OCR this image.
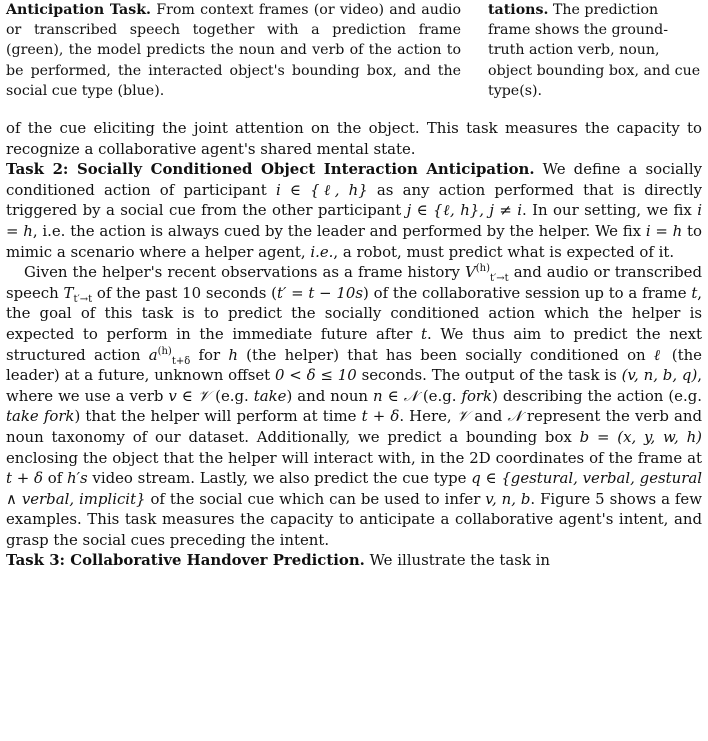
Anticipation Task. From context frames (or video) and audio or transcribed speech together with a prediction frame (green), the model predicts the noun and verb of the action to be performed, the interacted object's bounding box, and the social cue type (blue).
tations. The prediction frame shows the ground-truth action verb, noun, object bounding box, and cue type(s).

of the cue eliciting the joint attention on the object. This task measures the capacity to recognize a collaborative agent's shared mental state.

Task 2: Socially Conditioned Object Interaction Anticipation. We define a socially conditioned action of participant i ∈ {ℓ, h} as any action performed that is directly triggered by a social cue from the other participant j ∈ {ℓ, h}, j ≠ i. In our setting, we fix i = h, i.e. the action is always cued by the leader and performed by the helper. We fix i = h to mimic a scenario where a helper agent, i.e., a robot, must predict what is expected of it.

Given the helper's recent observations as a frame history $V^{(h)}_{t'\to t}$ and audio or transcribed speech $T_{t'\to t}$ of the past 10 seconds (t′ = t − 10s) of the collaborative session up to a frame t, the goal of this task is to predict the socially conditioned action which the helper is expected to perform in the immediate future after t. We thus aim to predict the next structured action $a^{(h)}_{t+\delta}$ for h (the helper) that has been socially conditioned on ℓ (the leader) at a future, unknown offset 0 < δ ≤ 10 seconds. The output of the task is (v, n, b, q), where we use a verb v ∈ 𝒱 (e.g. take) and noun n ∈ 𝒩 (e.g. fork) describing the action (e.g. take fork) that the helper will perform at time t + δ. Here, 𝒱 and 𝒩 represent the verb and noun taxonomy of our dataset. Additionally, we predict a bounding box b = (x, y, w, h) enclosing the object that the helper will interact with, in the 2D coordinates of the frame at t + δ of h′s video stream. Lastly, we also predict the cue type q ∈ {gestural, verbal, gestural ∧ verbal, implicit} of the social cue which can be used to infer v, n, b. Figure 5 shows a few examples. This task measures the capacity to anticipate a collaborative agent's intent, and grasp the social cues preceding the intent.

Task 3: Collaborative Handover Prediction. We illustrate the task in
